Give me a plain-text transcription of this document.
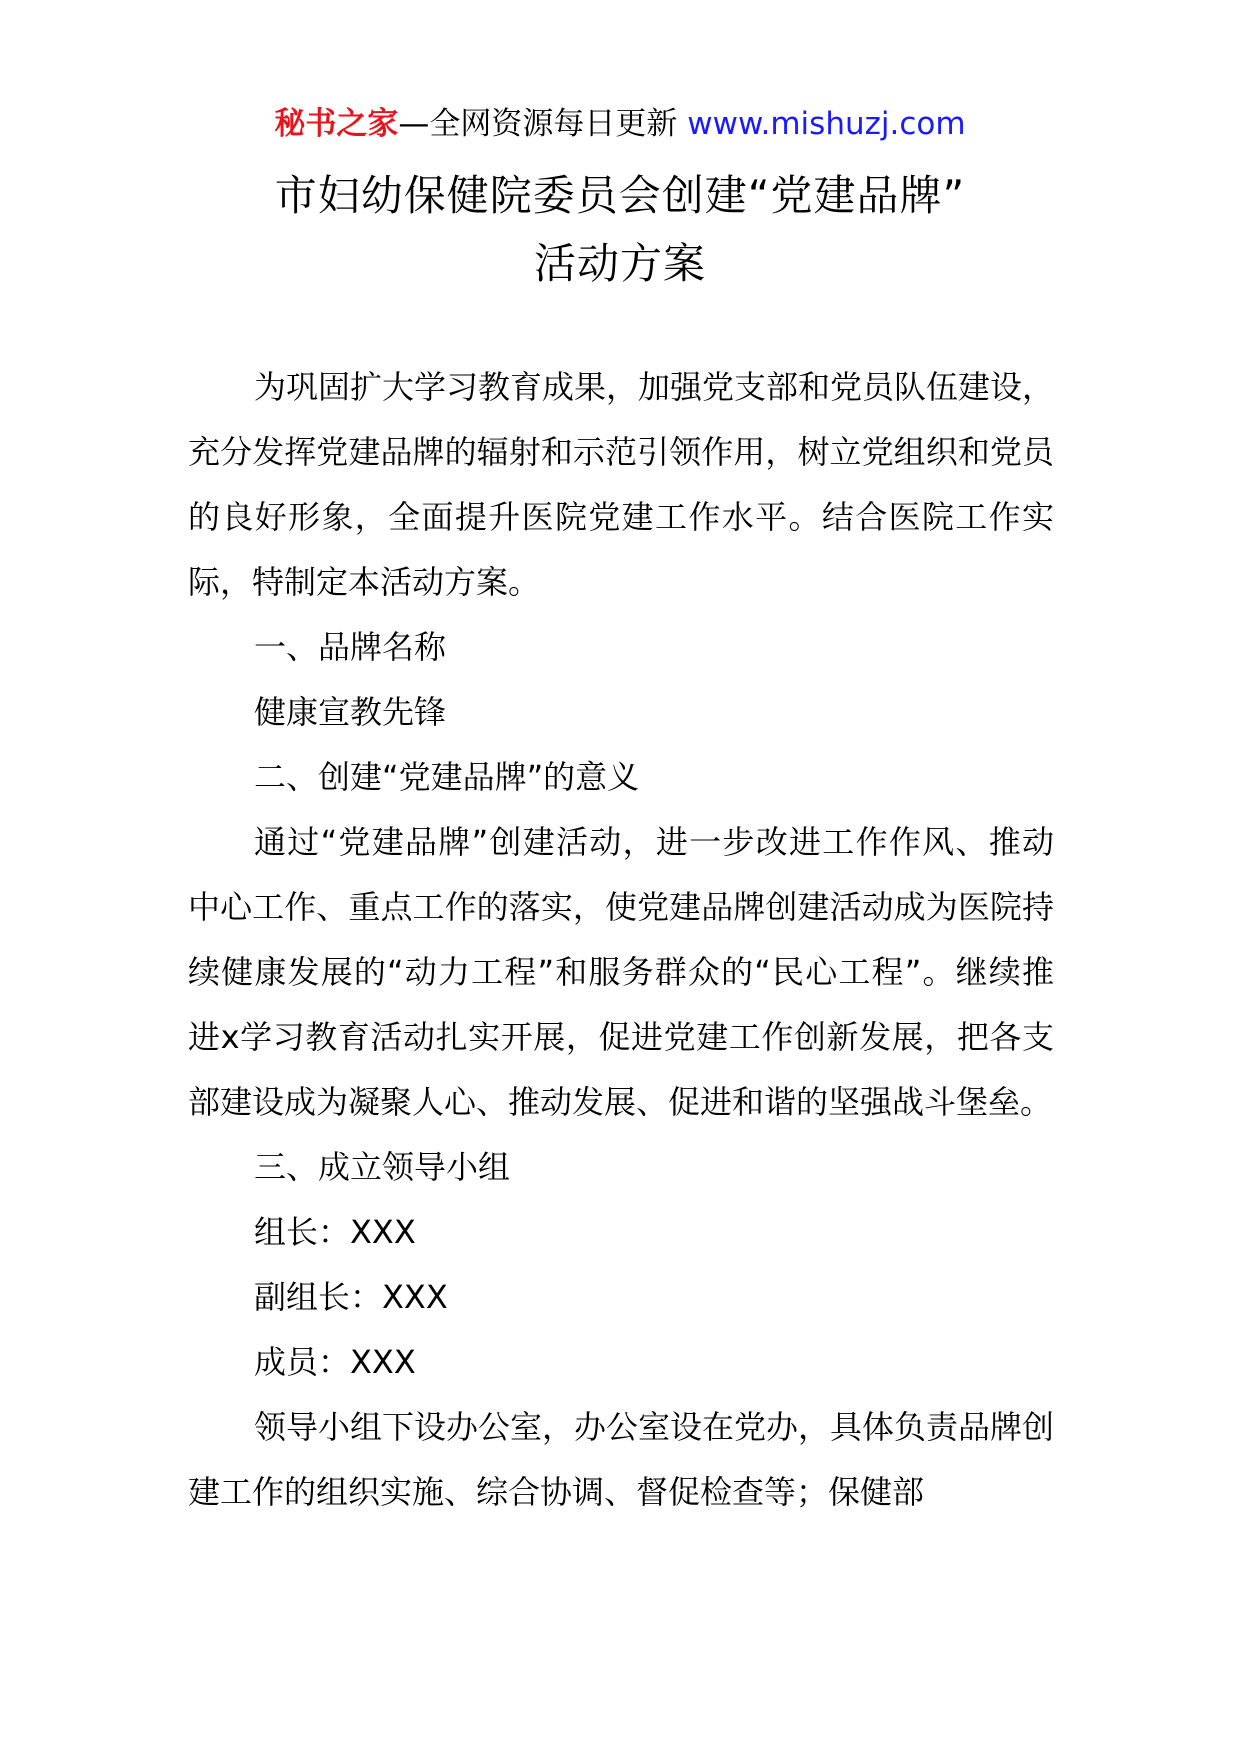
秘书之家—全网资源每日更新 www.mishuzj.com
市妇幼保健院委员会创建“党建品牌”
活动方案

为巩固扩大学习教育成果，加强党支部和党员队伍建设，充分发挥党建品牌的辐射和示范引领作用，树立党组织和党员的良好形象，全面提升医院党建工作水平。结合医院工作实际，特制定本活动方案。

一、品牌名称

健康宣教先锋

二、创建“党建品牌”的意义

通过“党建品牌”创建活动，进一步改进工作作风、推动中心工作、重点工作的落实，使党建品牌创建活动成为医院持续健康发展的“动力工程”和服务群众的“民心工程”。继续推进x学习教育活动扎实开展，促进党建工作创新发展，把各支部建设成为凝聚人心、推动发展、促进和谐的坚强战斗堡垒。

三、成立领导小组

组长：XXX

副组长：XXX

成员：XXX

领导小组下设办公室，办公室设在党办，具体负责品牌创建工作的组织实施、综合协调、督促检查等；保健部
